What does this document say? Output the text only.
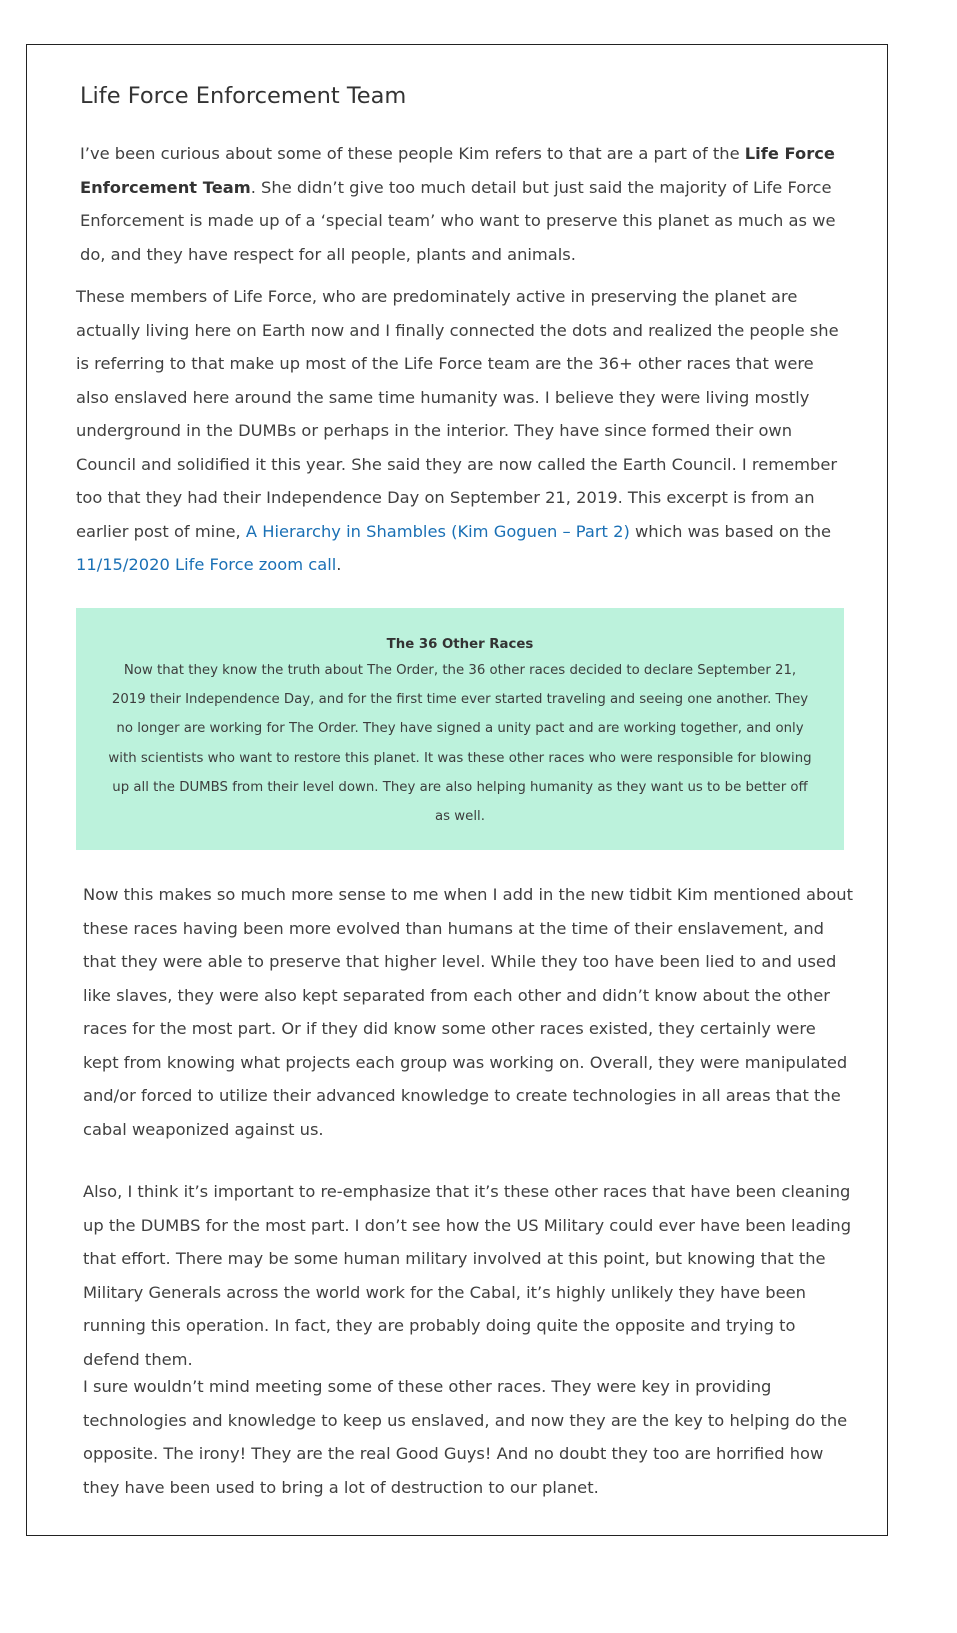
Life Force Enforcement Team

I’ve been curious about some of these people Kim refers to that are a part of the Life Force Enforcement Team. She didn’t give too much detail but just said the majority of Life Force Enforcement is made up of a ‘special team’ who want to preserve this planet as much as we do, and they have respect for all people, plants and animals.

These members of Life Force, who are predominately active in preserving the planet are actually living here on Earth now and I finally connected the dots and realized the people she is referring to that make up most of the Life Force team are the 36+ other races that were also enslaved here around the same time humanity was. I believe they were living mostly underground in the DUMBs or perhaps in the interior. They have since formed their own Council and solidified it this year. She said they are now called the Earth Council. I remember too that they had their Independence Day on September 21, 2019. This excerpt is from an earlier post of mine, A Hierarchy in Shambles (Kim Goguen – Part 2) which was based on the 11/15/2020 Life Force zoom call.

The 36 Other Races

Now that they know the truth about The Order, the 36 other races decided to declare September 21, 2019 their Independence Day, and for the first time ever started traveling and seeing one another. They no longer are working for The Order. They have signed a unity pact and are working together, and only with scientists who want to restore this planet. It was these other races who were responsible for blowing up all the DUMBS from their level down. They are also helping humanity as they want us to be better off as well.

Now this makes so much more sense to me when I add in the new tidbit Kim mentioned about these races having been more evolved than humans at the time of their enslavement, and that they were able to preserve that higher level. While they too have been lied to and used like slaves, they were also kept separated from each other and didn’t know about the other races for the most part. Or if they did know some other races existed, they certainly were kept from knowing what projects each group was working on. Overall, they were manipulated and/or forced to utilize their advanced knowledge to create technologies in all areas that the cabal weaponized against us.

Also, I think it’s important to re-emphasize that it’s these other races that have been cleaning up the DUMBS for the most part. I don’t see how the US Military could ever have been leading that effort. There may be some human military involved at this point, but knowing that the Military Generals across the world work for the Cabal, it’s highly unlikely they have been running this operation. In fact, they are probably doing quite the opposite and trying to defend them.

I sure wouldn’t mind meeting some of these other races. They were key in providing technologies and knowledge to keep us enslaved, and now they are the key to helping do the opposite. The irony! They are the real Good Guys! And no doubt they too are horrified how they have been used to bring a lot of destruction to our planet.
